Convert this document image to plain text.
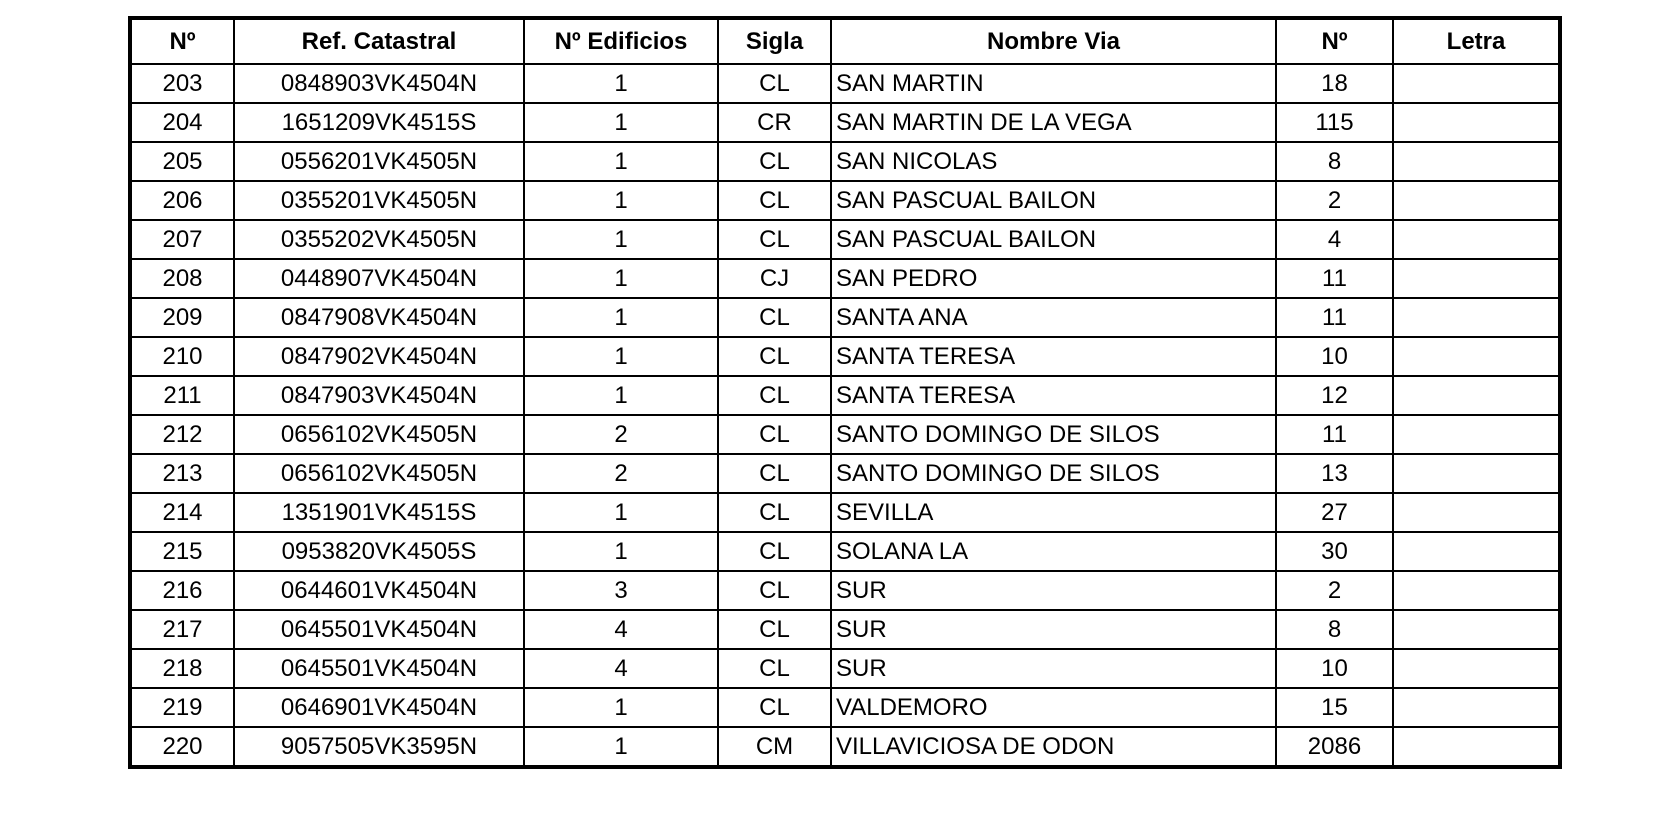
Nº	Ref. Catastral	Nº Edificios	Sigla	Nombre Via	Nº	Letra
203	0848903VK4504N	1	CL	SAN MARTIN	18	
204	1651209VK4515S	1	CR	SAN MARTIN DE LA VEGA	115	
205	0556201VK4505N	1	CL	SAN NICOLAS	8	
206	0355201VK4505N	1	CL	SAN PASCUAL BAILON	2	
207	0355202VK4505N	1	CL	SAN PASCUAL BAILON	4	
208	0448907VK4504N	1	CJ	SAN PEDRO	11	
209	0847908VK4504N	1	CL	SANTA ANA	11	
210	0847902VK4504N	1	CL	SANTA TERESA	10	
211	0847903VK4504N	1	CL	SANTA TERESA	12	
212	0656102VK4505N	2	CL	SANTO DOMINGO DE SILOS	11	
213	0656102VK4505N	2	CL	SANTO DOMINGO DE SILOS	13	
214	1351901VK4515S	1	CL	SEVILLA	27	
215	0953820VK4505S	1	CL	SOLANA LA	30	
216	0644601VK4504N	3	CL	SUR	2	
217	0645501VK4504N	4	CL	SUR	8	
218	0645501VK4504N	4	CL	SUR	10	
219	0646901VK4504N	1	CL	VALDEMORO	15	
220	9057505VK3595N	1	CM	VILLAVICIOSA DE ODON	2086	
